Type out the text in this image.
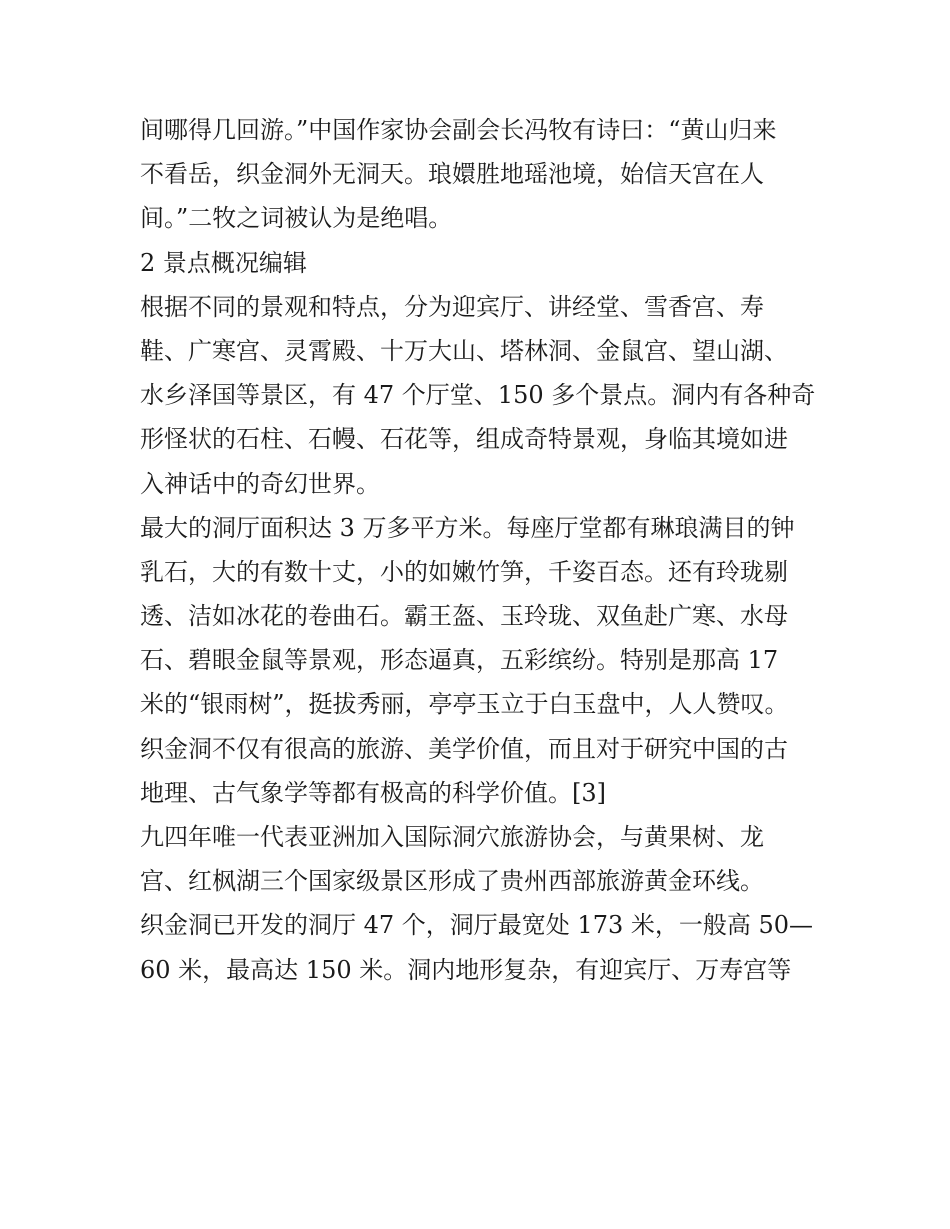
间哪得几回游。”中国作家协会副会长冯牧有诗曰：“黄山归来
不看岳，织金洞外无洞天。琅嬛胜地瑶池境，始信天宫在人
间。”二牧之词被认为是绝唱。
2 景点概况编辑
根据不同的景观和特点，分为迎宾厅、讲经堂、雪香宫、寿
鞋、广寒宫、灵霄殿、十万大山、塔林洞、金鼠宫、望山湖、
水乡泽国等景区，有 47 个厅堂、150 多个景点。洞内有各种奇
形怪状的石柱、石幔、石花等，组成奇特景观，身临其境如进
入神话中的奇幻世界。
最大的洞厅面积达 3 万多平方米。每座厅堂都有琳琅满目的钟
乳石，大的有数十丈，小的如嫩竹笋，千姿百态。还有玲珑剔
透、洁如冰花的卷曲石。霸王盔、玉玲珑、双鱼赴广寒、水母
石、碧眼金鼠等景观，形态逼真，五彩缤纷。特别是那高 17
米的“银雨树”，挺拔秀丽，亭亭玉立于白玉盘中，人人赞叹。
织金洞不仅有很高的旅游、美学价值，而且对于研究中国的古
地理、古气象学等都有极高的科学价值。[3]
九四年唯一代表亚洲加入国际洞穴旅游协会，与黄果树、龙
宫、红枫湖三个国家级景区形成了贵州西部旅游黄金环线。
织金洞已开发的洞厅 47 个，洞厅最宽处 173 米，一般高 50—
60 米，最高达 150 米。洞内地形复杂，有迎宾厅、万寿宫等
